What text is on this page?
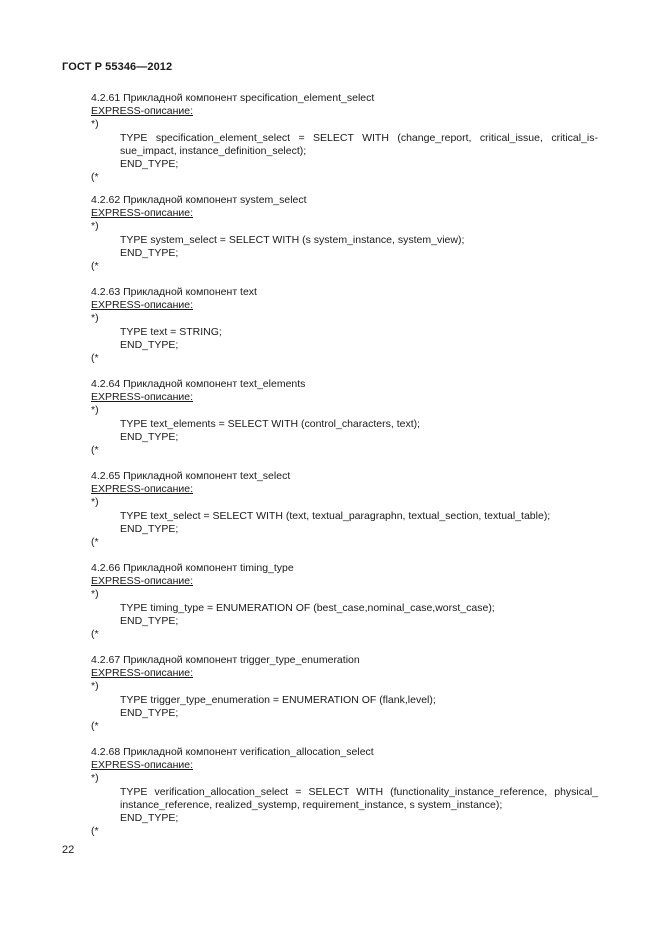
ГОСТ Р 55346—2012
4.2.61 Прикладной компонент specification_element_select
EXPRESS-описание:
*)
TYPE specification_element_select = SELECT WITH (change_report, critical_issue, critical_is-
sue_impact, instance_definition_select);
END_TYPE;
(*
4.2.62 Прикладной компонент system_select
EXPRESS-описание:
*)
TYPE system_select = SELECT WITH (s system_instance, system_view);
END_TYPE;
(*
4.2.63 Прикладной компонент text
EXPRESS-описание:
*)
TYPE text = STRING;
END_TYPE;
(*
4.2.64 Прикладной компонент text_elements
EXPRESS-описание:
*)
TYPE text_elements = SELECT WITH (control_characters, text);
END_TYPE;
(*
4.2.65 Прикладной компонент text_select
EXPRESS-описание:
*)
TYPE text_select = SELECT WITH (text, textual_paragraphn, textual_section, textual_table);
END_TYPE;
(*
4.2.66 Прикладной компонент timing_type
EXPRESS-описание:
*)
TYPE timing_type = ENUMERATION OF (best_case,nominal_case,worst_case);
END_TYPE;
(*
4.2.67 Прикладной компонент trigger_type_enumeration
EXPRESS-описание:
*)
TYPE trigger_type_enumeration = ENUMERATION OF (flank,level);
END_TYPE;
(*
4.2.68 Прикладной компонент verification_allocation_select
EXPRESS-описание:
*)
TYPE verification_allocation_select = SELECT WITH (functionality_instance_reference, physical_
instance_reference, realized_systemp, requirement_instance, s system_instance);
END_TYPE;
(*
22
